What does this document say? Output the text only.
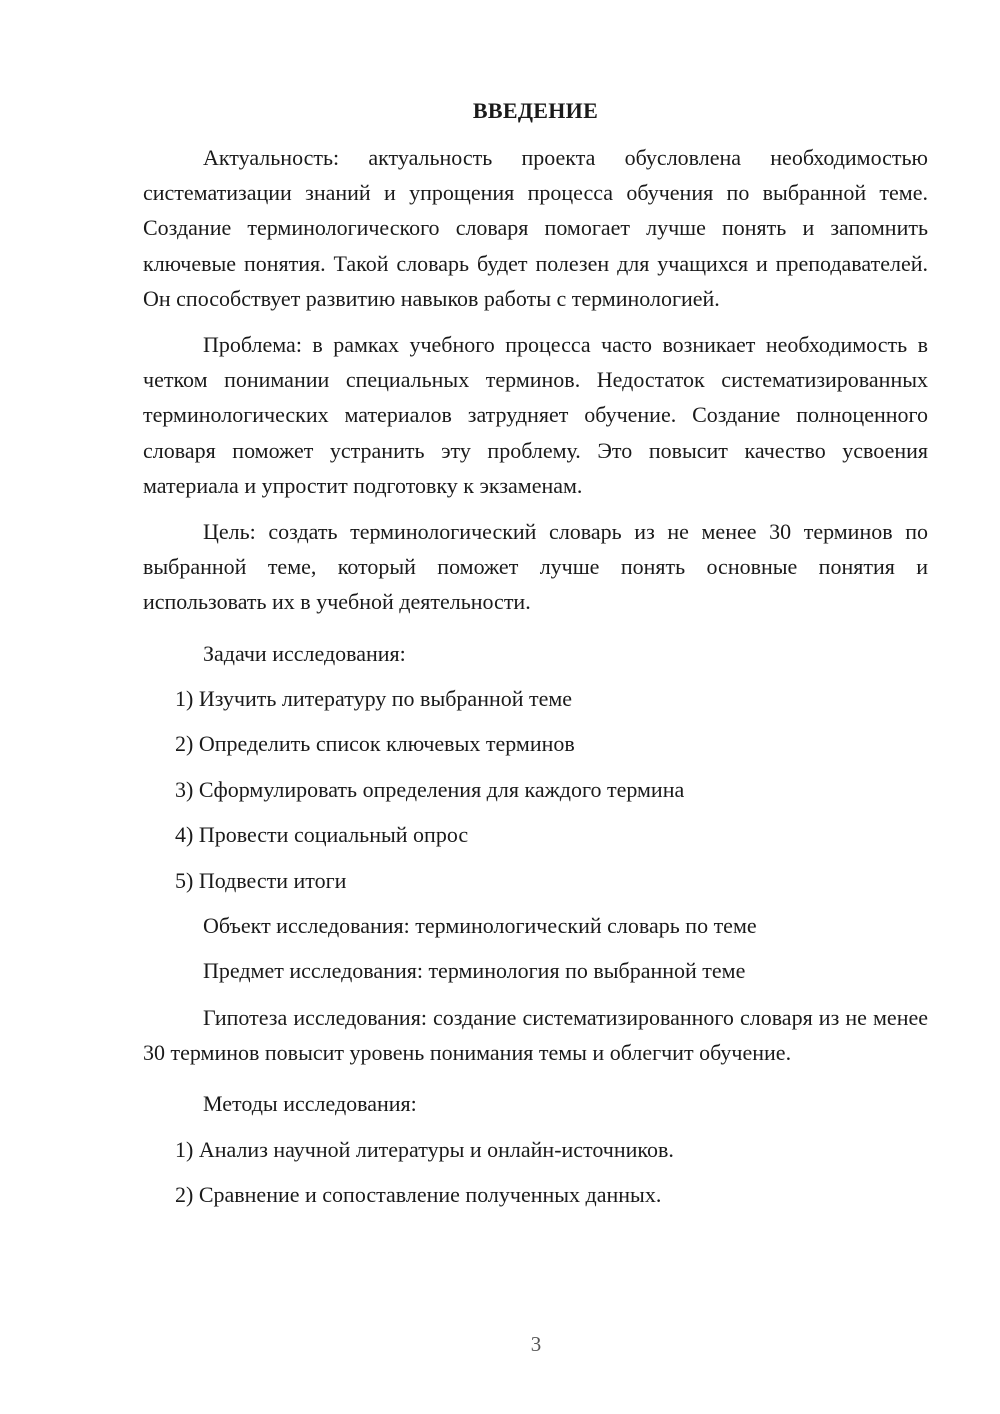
ВВЕДЕНИЕ

Актуальность: актуальность проекта обусловлена необходимостью систематизации знаний и упрощения процесса обучения по выбранной теме. Создание терминологического словаря помогает лучше понять и запомнить ключевые понятия. Такой словарь будет полезен для учащихся и преподавателей. Он способствует развитию навыков работы с терминологией.

Проблема: в рамках учебного процесса часто возникает необходимость в четком понимании специальных терминов. Недостаток систематизированных терминологических материалов затрудняет обучение. Создание полноценного словаря поможет устранить эту проблему. Это повысит качество усвоения материала и упростит подготовку к экзаменам.

Цель: создать терминологический словарь из не менее 30 терминов по выбранной теме, который поможет лучше понять основные понятия и использовать их в учебной деятельности.

Задачи исследования:
1) Изучить литературу по выбранной теме
2) Определить список ключевых терминов
3) Сформулировать определения для каждого термина
4) Провести социальный опрос
5) Подвести итоги
Объект исследования: терминологический словарь по теме
Предмет исследования: терминология по выбранной теме

Гипотеза исследования: создание систематизированного словаря из не менее 30 терминов повысит уровень понимания темы и облегчит обучение.

Методы исследования:
1) Анализ научной литературы и онлайн-источников.
2) Сравнение и сопоставление полученных данных.
3
